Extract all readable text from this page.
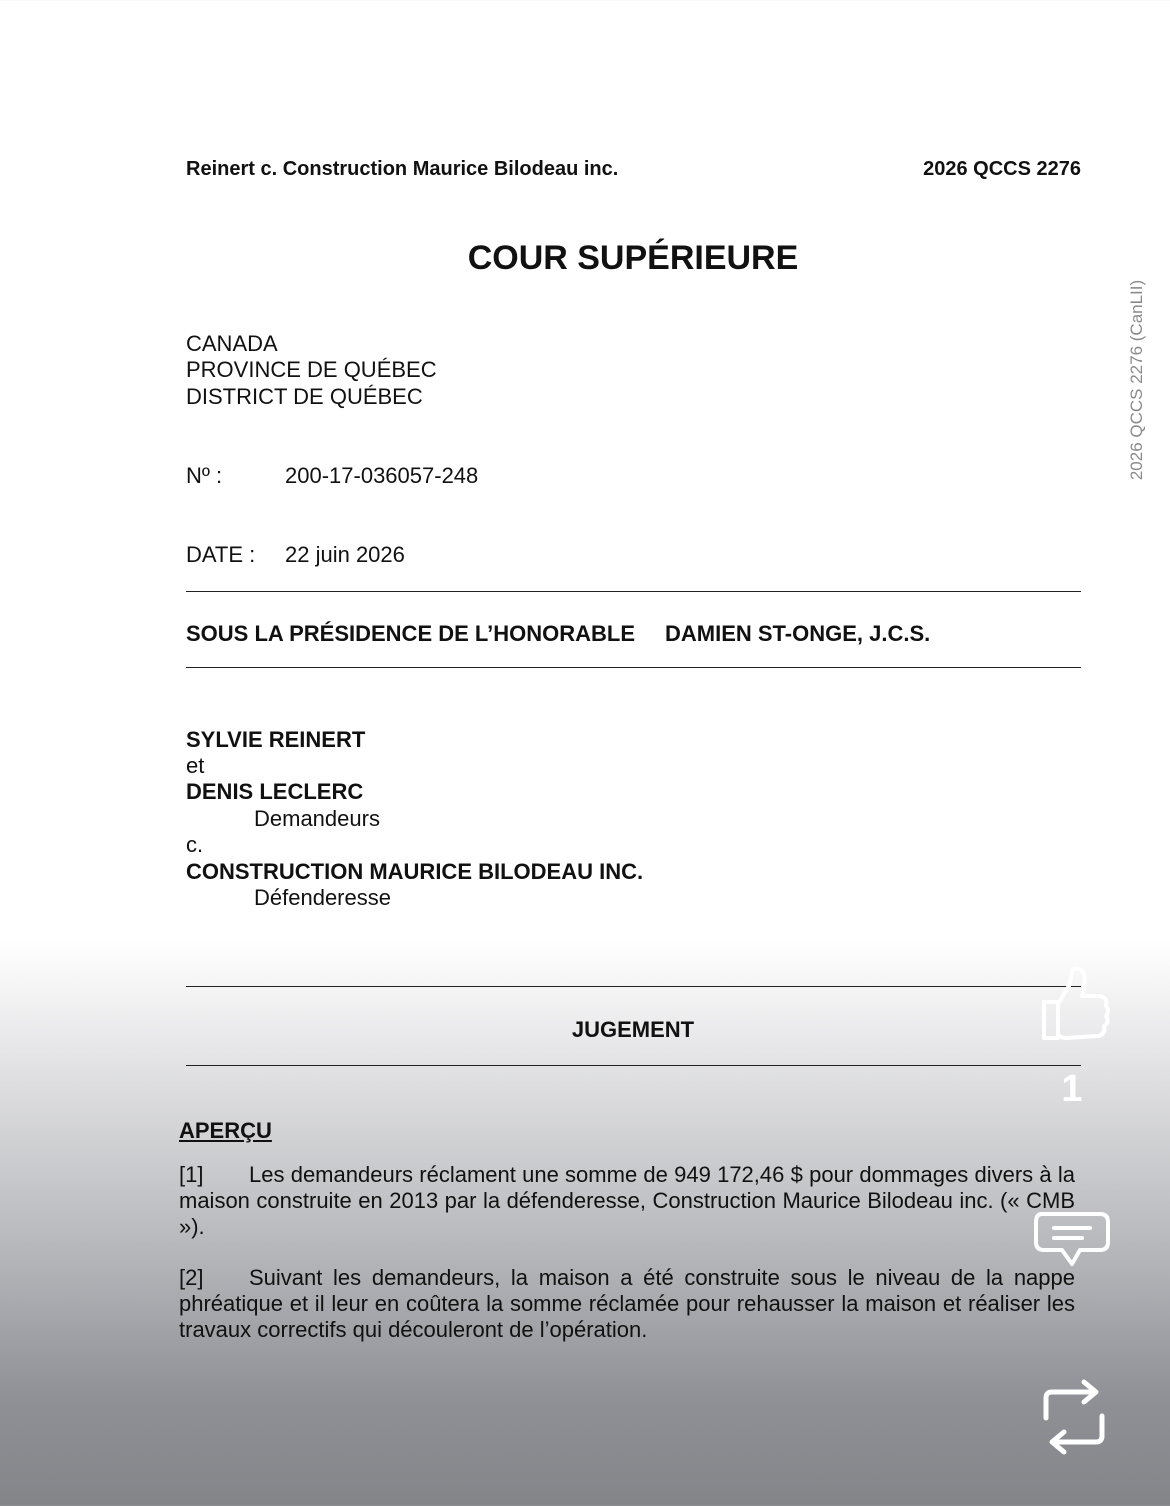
Reinert c. Construction Maurice Bilodeau inc.	2026 QCCS 2276
COUR SUPÉRIEURE
CANADA
PROVINCE DE QUÉBEC
DISTRICT DE QUÉBEC
Nº :	200-17-036057-248
DATE : 22 juin 2026
SOUS LA PRÉSIDENCE DE L’HONORABLE DAMIEN ST-ONGE, J.C.S.
SYLVIE REINERT
et
DENIS LECLERC
Demandeurs
c.
CONSTRUCTION MAURICE BILODEAU INC.
Défenderesse
JUGEMENT
APERÇU

[1] Les demandeurs réclament une somme de 949 172,46 $ pour dommages divers à la maison construite en 2013 par la défenderesse, Construction Maurice Bilodeau inc. (« CMB »).

[2] Suivant les demandeurs, la maison a été construite sous le niveau de la nappe phréatique et il leur en coûtera la somme réclamée pour rehausser la maison et réaliser les travaux correctifs qui découleront de l’opération.

2026 QCCS 2276 (CanLII)
1
